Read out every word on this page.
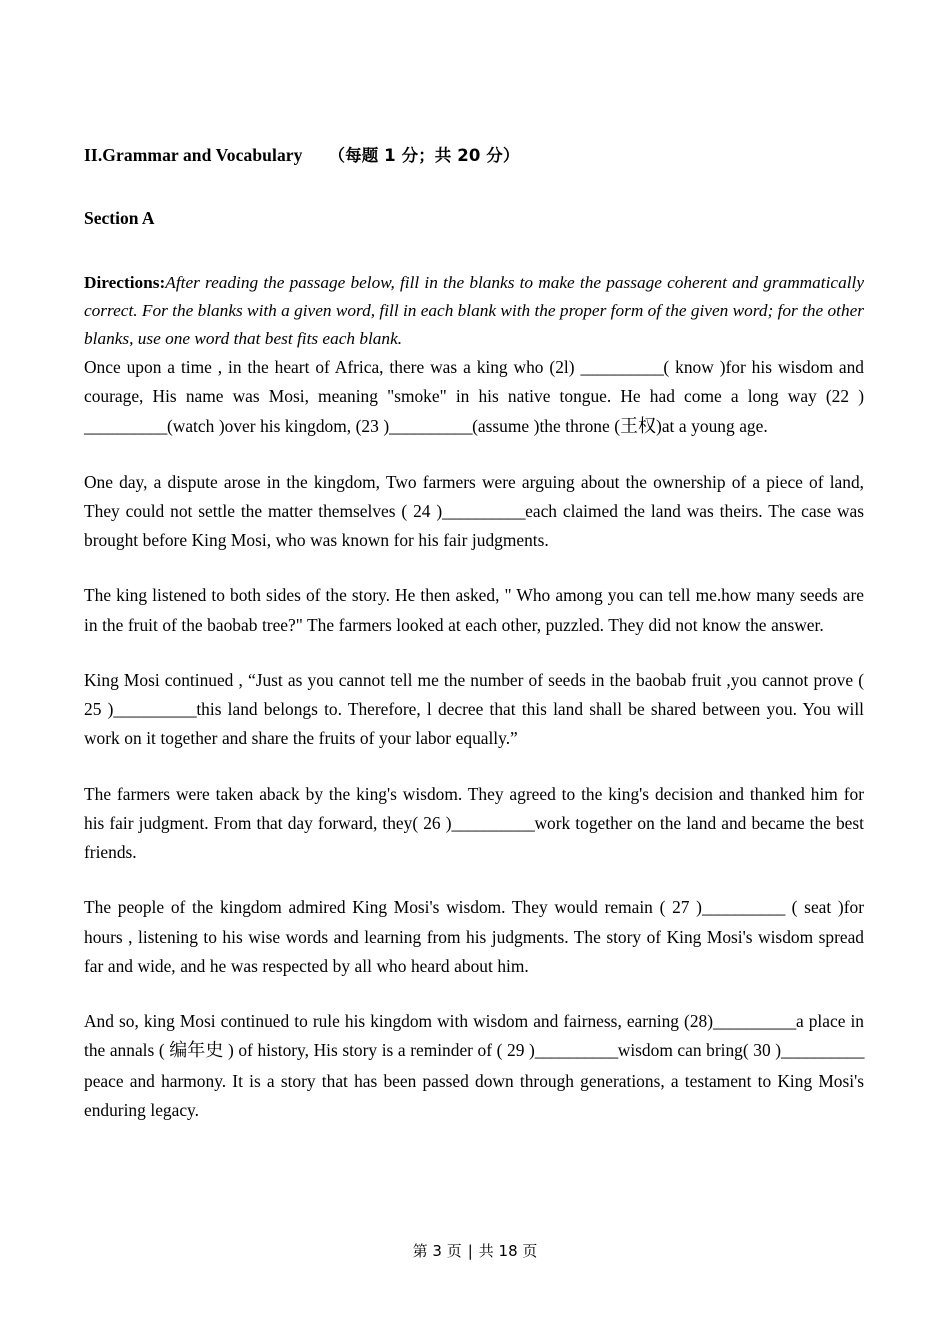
II.Grammar and Vocabulary （每题 1 分；共 20 分）
Section A
Directions:After reading the passage below, fill in the blanks to make the passage coherent and grammatically correct. For the blanks with a given word, fill in each blank with the proper form of the given word; for the other blanks, use one word that best fits each blank.

Once upon a time , in the heart of Africa, there was a king who (2l) __________( know )for his wisdom and courage, His name was Mosi, meaning "smoke" in his native tongue. He had come a long way (22 ) __________(watch )over his kingdom, (23 )__________(assume )the throne (王权)at a young age.

One day, a dispute arose in the kingdom, Two farmers were arguing about the ownership of a piece of land, They could not settle the matter themselves ( 24 )__________each claimed the land was theirs. The case was brought before King Mosi, who was known for his fair judgments.

The king listened to both sides of the story. He then asked, " Who among you can tell me.how many seeds are in the fruit of the baobab tree?" The farmers looked at each other, puzzled. They did not know the answer.

King Mosi continued , “Just as you cannot tell me the number of seeds in the baobab fruit ,you cannot prove ( 25 )__________this land belongs to. Therefore, l decree that this land shall be shared between you. You will work on it together and share the fruits of your labor equally.”

The farmers were taken aback by the king's wisdom. They agreed to the king's decision and thanked him for his fair judgment. From that day forward, they( 26 )__________work together on the land and became the best friends.

The people of the kingdom admired King Mosi's wisdom. They would remain ( 27 )__________ ( seat )for hours , listening to his wise words and learning from his judgments. The story of King Mosi's wisdom spread far and wide, and he was respected by all who heard about him.

And so, king Mosi continued to rule his kingdom with wisdom and fairness, earning (28)__________a place in the annals ( 编年史 ) of history, His story is a reminder of ( 29 )__________wisdom can bring( 30 )__________ peace and harmony. It is a story that has been passed down through generations, a testament to King Mosi's enduring legacy.

第 3 页 | 共 18 页
